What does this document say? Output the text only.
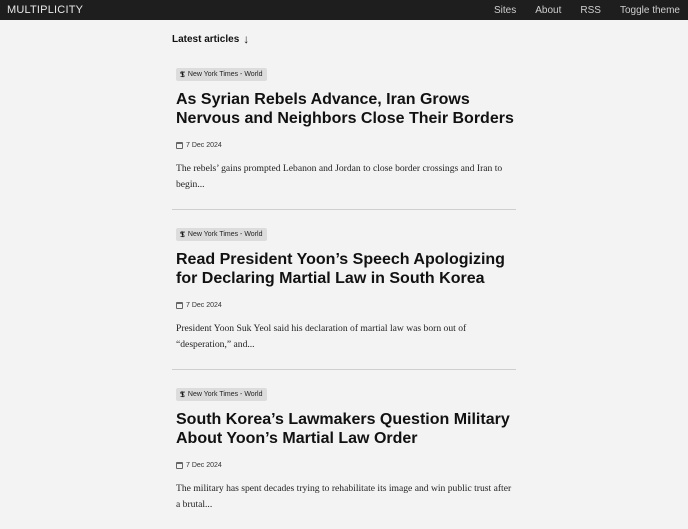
MULTIPLICITY	Sites About RSS Toggle theme
Latest articles ↓
𝕿 New York Times - World
As Syrian Rebels Advance, Iran Grows Nervous and Neighbors Close Their Borders
7 Dec 2024

The rebels’ gains prompted Lebanon and Jordan to close border crossings and Iran to begin...

𝕿 New York Times - World
Read President Yoon’s Speech Apologizing for Declaring Martial Law in South Korea
7 Dec 2024

President Yoon Suk Yeol said his declaration of martial law was born out of “desperation,” and...

𝕿 New York Times - World
South Korea’s Lawmakers Question Military About Yoon’s Martial Law Order
7 Dec 2024

The military has spent decades trying to rehabilitate its image and win public trust after a brutal...
